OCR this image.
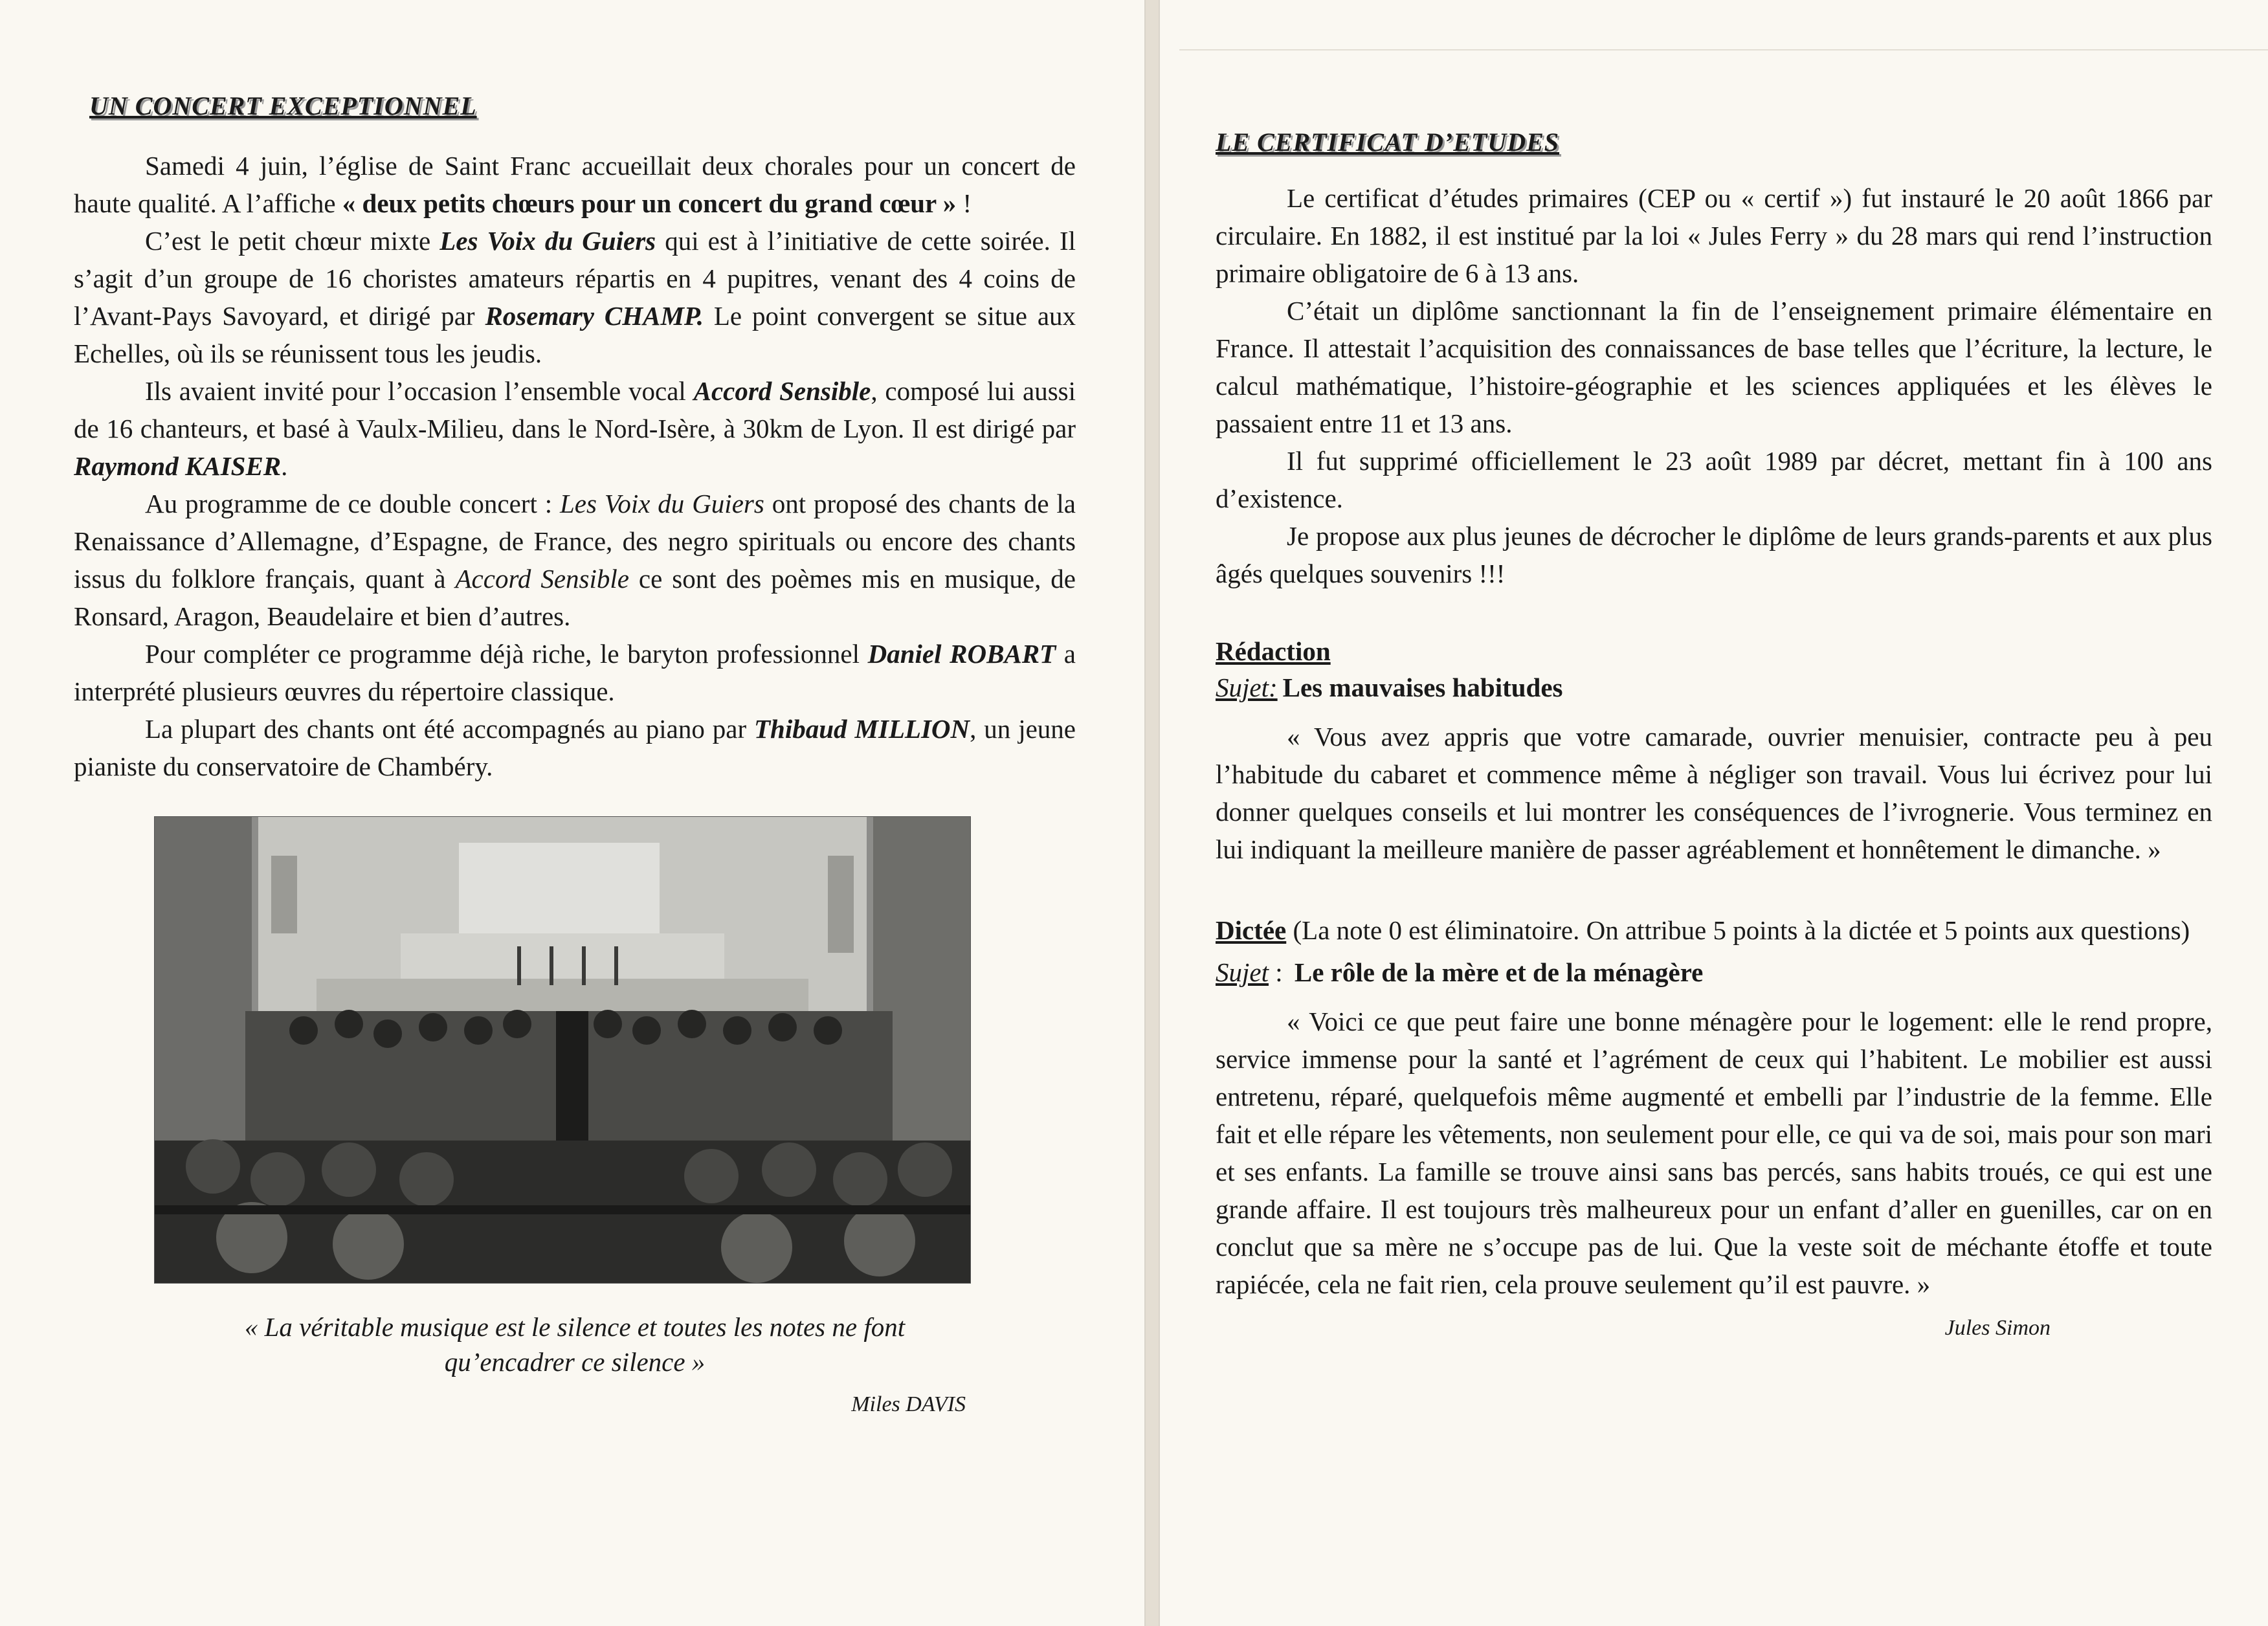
UN CONCERT EXCEPTIONNEL

Samedi 4 juin, l’église de Saint Franc accueillait deux chorales pour un concert de haute qualité. A l’affiche « deux petits chœurs pour un concert du grand cœur » !

C’est le petit chœur mixte Les Voix du Guiers qui est à l’initiative de cette soirée. Il s’agit d’un groupe de 16 choristes amateurs répartis en 4 pupitres, venant des 4 coins de l’Avant-Pays Savoyard, et dirigé par Rosemary CHAMP. Le point convergent se situe aux Echelles, où ils se réunissent tous les jeudis.

Ils avaient invité pour l’occasion l’ensemble vocal Accord Sensible, composé lui aussi de 16 chanteurs, et basé à Vaulx-Milieu, dans le Nord-Isère, à 30km de Lyon. Il est dirigé par Raymond KAISER.

Au programme de ce double concert : Les Voix du Guiers ont proposé des chants de la Renaissance d’Allemagne, d’Espagne, de France, des negro spirituals ou encore des chants issus du folklore français, quant à Accord Sensible ce sont des poèmes mis en musique, de Ronsard, Aragon, Beaudelaire et bien d’autres.

Pour compléter ce programme déjà riche, le baryton professionnel Daniel ROBART a interprété plusieurs œuvres du répertoire classique.

La plupart des chants ont été accompagnés au piano par Thibaud MILLION, un jeune pianiste du conservatoire de Chambéry.

« La véritable musique est le silence et toutes les notes ne font
qu’encadrer ce silence »
Miles DAVIS
LE CERTIFICAT D’ETUDES

Le certificat d’études primaires (CEP ou « certif ») fut instauré le 20 août 1866 par circulaire. En 1882, il est institué par la loi « Jules Ferry » du 28 mars qui rend l’instruction primaire obligatoire de 6 à 13 ans.

C’était un diplôme sanctionnant la fin de l’enseignement primaire élémentaire en France. Il attestait l’acquisition des connaissances de base telles que l’écriture, la lecture, le calcul mathématique, l’histoire-géographie et les sciences appliquées et les élèves le passaient entre 11 et 13 ans.

Il fut supprimé officiellement le 23 août 1989 par décret, mettant fin à 100 ans d’existence.

Je propose aux plus jeunes de décrocher le diplôme de leurs grands-parents et aux plus âgés quelques souvenirs !!!

Rédaction
Sujet: Les mauvaises habitudes

« Vous avez appris que votre camarade, ouvrier menuisier, contracte peu à peu l’habitude du cabaret et commence même à négliger son travail. Vous lui écrivez pour lui donner quelques conseils et lui montrer les conséquences de l’ivrognerie. Vous terminez en lui indiquant la meilleure manière de passer agréablement et honnêtement le dimanche. »

Dictée (La note 0 est éliminatoire. On attribue 5 points à la dictée et 5 points aux questions)
Sujet : Le rôle de la mère et de la ménagère

« Voici ce que peut faire une bonne ménagère pour le logement: elle le rend propre, service immense pour la santé et l’agrément de ceux qui l’habitent. Le mobilier est aussi entretenu, réparé, quelquefois même augmenté et embelli par l’industrie de la femme. Elle fait et elle répare les vêtements, non seulement pour elle, ce qui va de soi, mais pour son mari et ses enfants. La famille se trouve ainsi sans bas percés, sans habits troués, ce qui est une grande affaire. Il est toujours très malheureux pour un enfant d’aller en guenilles, car on en conclut que sa mère ne s’occupe pas de lui. Que la veste soit de méchante étoffe et toute rapiécée, cela ne fait rien, cela prouve seulement qu’il est pauvre. »

Jules Simon
